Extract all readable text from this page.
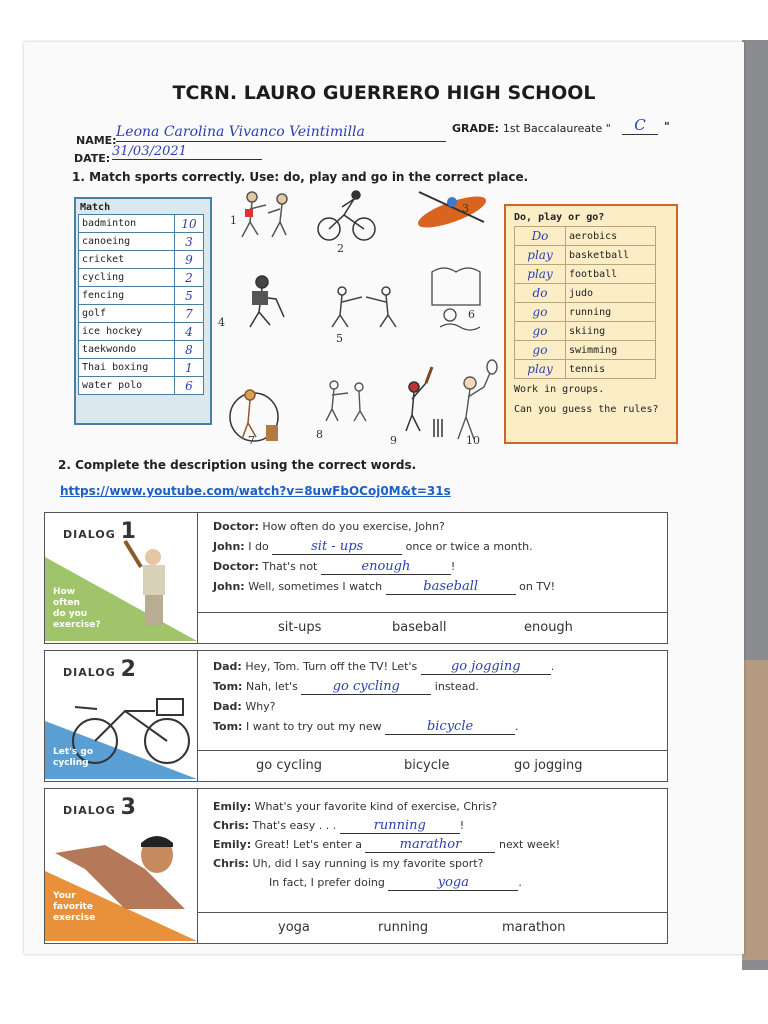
TCRN. LAURO GUERRERO HIGH SCHOOL
NAME:
Leona Carolina Vivanco Veintimilla	GRADE: 1st Baccalaureate "	C	"
DATE: 31/03/2021
1. Match sports correctly. Use: do, play and go in the correct place.
Match
badminton	10
canoeing	3
cricket	9
cycling	2
fencing	5
golf	7
ice hockey	4
taekwondo	8
Thai boxing	1
water polo	6
1
2
3
4
5
6
7	8	9	10
Do, play or go?
Do	aerobics
play	basketball
play	football
do	judo
go	running
go	skiing
go	swimming
play	tennis
Work in groups.
Can you guess the rules?
2. Complete the description using the correct words.
https://www.youtube.com/watch?v=8uwFbOCoj0M&t=31s
DIALOG 1
How
often
do you
exercise?
Doctor: How often do you exercise, John?
John: I do	sit - ups	once or twice a month.
Doctor: That's not	enough	!
John: Well, sometimes I watch	baseball	on TV!
sit-ups	baseball	enough
DIALOG 2
Let's go
cycling
Dad: Hey, Tom. Turn off the TV! Let's	go jogging	.
Tom: Nah, let's	go cycling	instead.
Dad: Why?
Tom: I want to try out my new	bicycle	.
go cycling	bicycle	go jogging
DIALOG 3
Your
favorite
exercise
Emily: What's your favorite kind of exercise, Chris?
Chris: That's easy . . .	running	!
Emily: Great! Let's enter a	marathor	next week!
Chris: Uh, did I say running is my favorite sport?
In fact, I prefer doing	yoga	.
yoga	running	marathon
